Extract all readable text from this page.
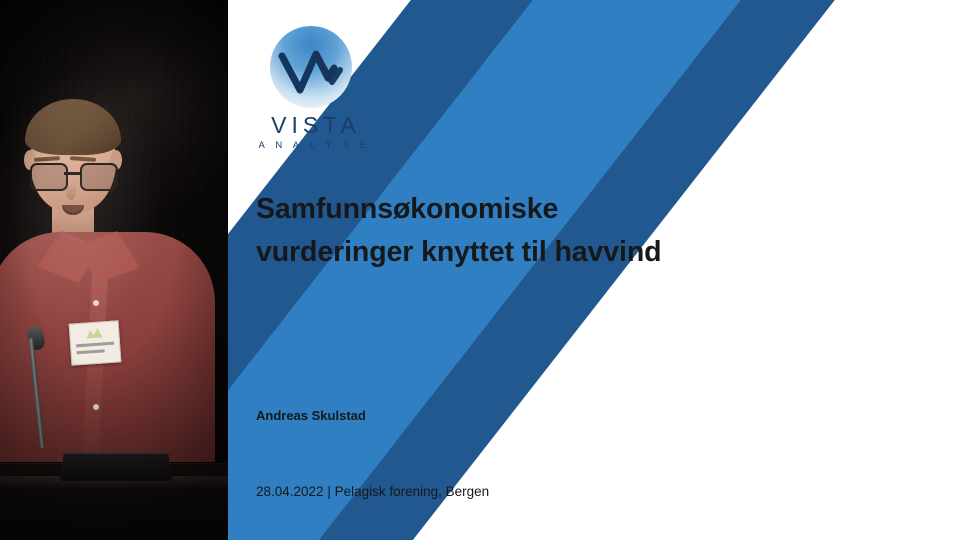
VISTA
A N A L Y S E
Samfunnsøkonomiske
vurderinger knyttet til havvind
Andreas Skulstad
28.04.2022 | Pelagisk forening, Bergen
